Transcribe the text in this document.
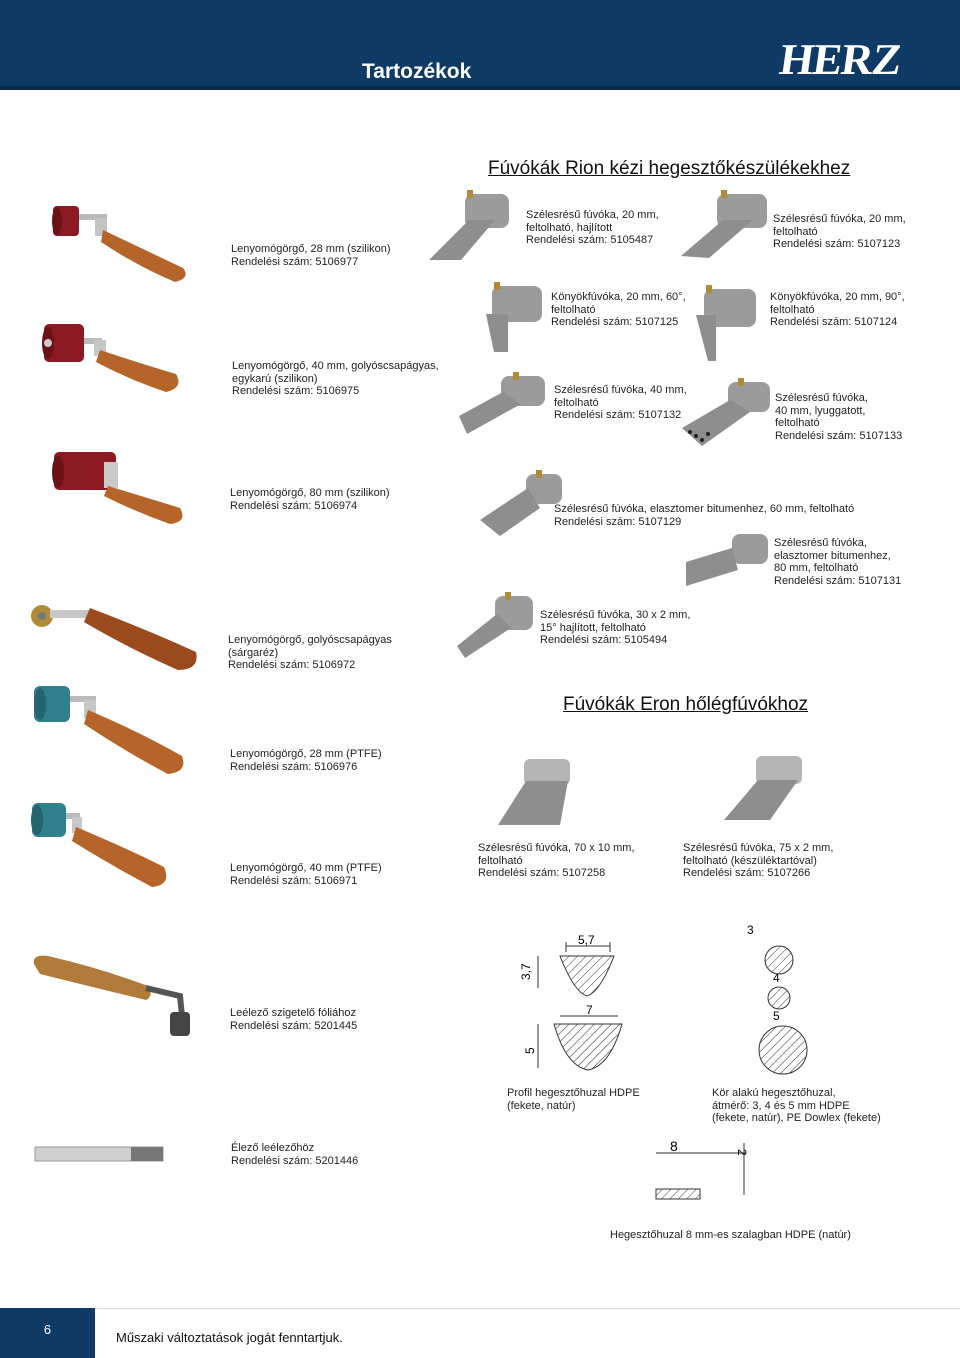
Tartozékok	HERZ
Fúvókák Rion kézi hegesztőkészülékekhez
Fúvókák Eron hőlégfúvókhoz
Lenyomógörgő, 28 mm (szilikon)
Rendelési szám: 5106977
Lenyomógörgő, 40 mm, golyóscsapágyas,
egykarú (szilikon)
Rendelési szám: 5106975
Lenyomógörgő, 80 mm (szilikon)
Rendelési szám: 5106974
Lenyomógörgő, golyóscsapágyas
(sárgaréz)
Rendelési szám: 5106972
Lenyomógörgő, 28 mm (PTFE)
Rendelési szám: 5106976
Lenyomógörgő, 40 mm (PTFE)
Rendelési szám: 5106971
Leélező szigetelő fóliához
Rendelési szám: 5201445
Élező leélezőhöz
Rendelési szám: 5201446
Szélesrésű fúvóka, 20 mm,
feltolható, hajlított
Rendelési szám: 5105487
Szélesrésű fúvóka, 20 mm,
feltolható
Rendelési szám: 5107123
Könyökfúvóka, 20 mm, 60°,
feltolható
Rendelési szám: 5107125
Könyökfúvóka, 20 mm, 90°,
feltolható
Rendelési szám: 5107124
Szélesrésű fúvóka, 40 mm,
feltolható
Rendelési szám: 5107132
Szélesrésű fúvóka,
40 mm, lyuggatott,
feltolható
Rendelési szám: 5107133
Szélesrésű fúvóka, elasztomer bitumenhez, 60 mm, feltolható
Rendelési szám: 5107129
Szélesrésű fúvóka,
elasztomer bitumenhez,
80 mm, feltolható
Rendelési szám: 5107131
Szélesrésű fúvóka, 30 x 2 mm,
15° hajlított, feltolható
Rendelési szám: 5105494
Szélesrésű fúvóka, 70 x 10 mm,
feltolható
Rendelési szám: 5107258
Szélesrésű fúvóka, 75 x 2 mm,
feltolható (készüléktartóval)
Rendelési szám: 5107266
5,7
3,7
7
5
3
4
5
Profil hegesztőhuzal HDPE
(fekete, natúr)
Kör alakú hegesztőhuzal,
átmérő: 3, 4 és 5 mm HDPE
(fekete, natúr), PE Dowlex (fekete)
8	2
Hegesztőhuzal 8 mm-es szalagban HDPE (natúr)
6
Műszaki változtatások jogát fenntartjuk.
